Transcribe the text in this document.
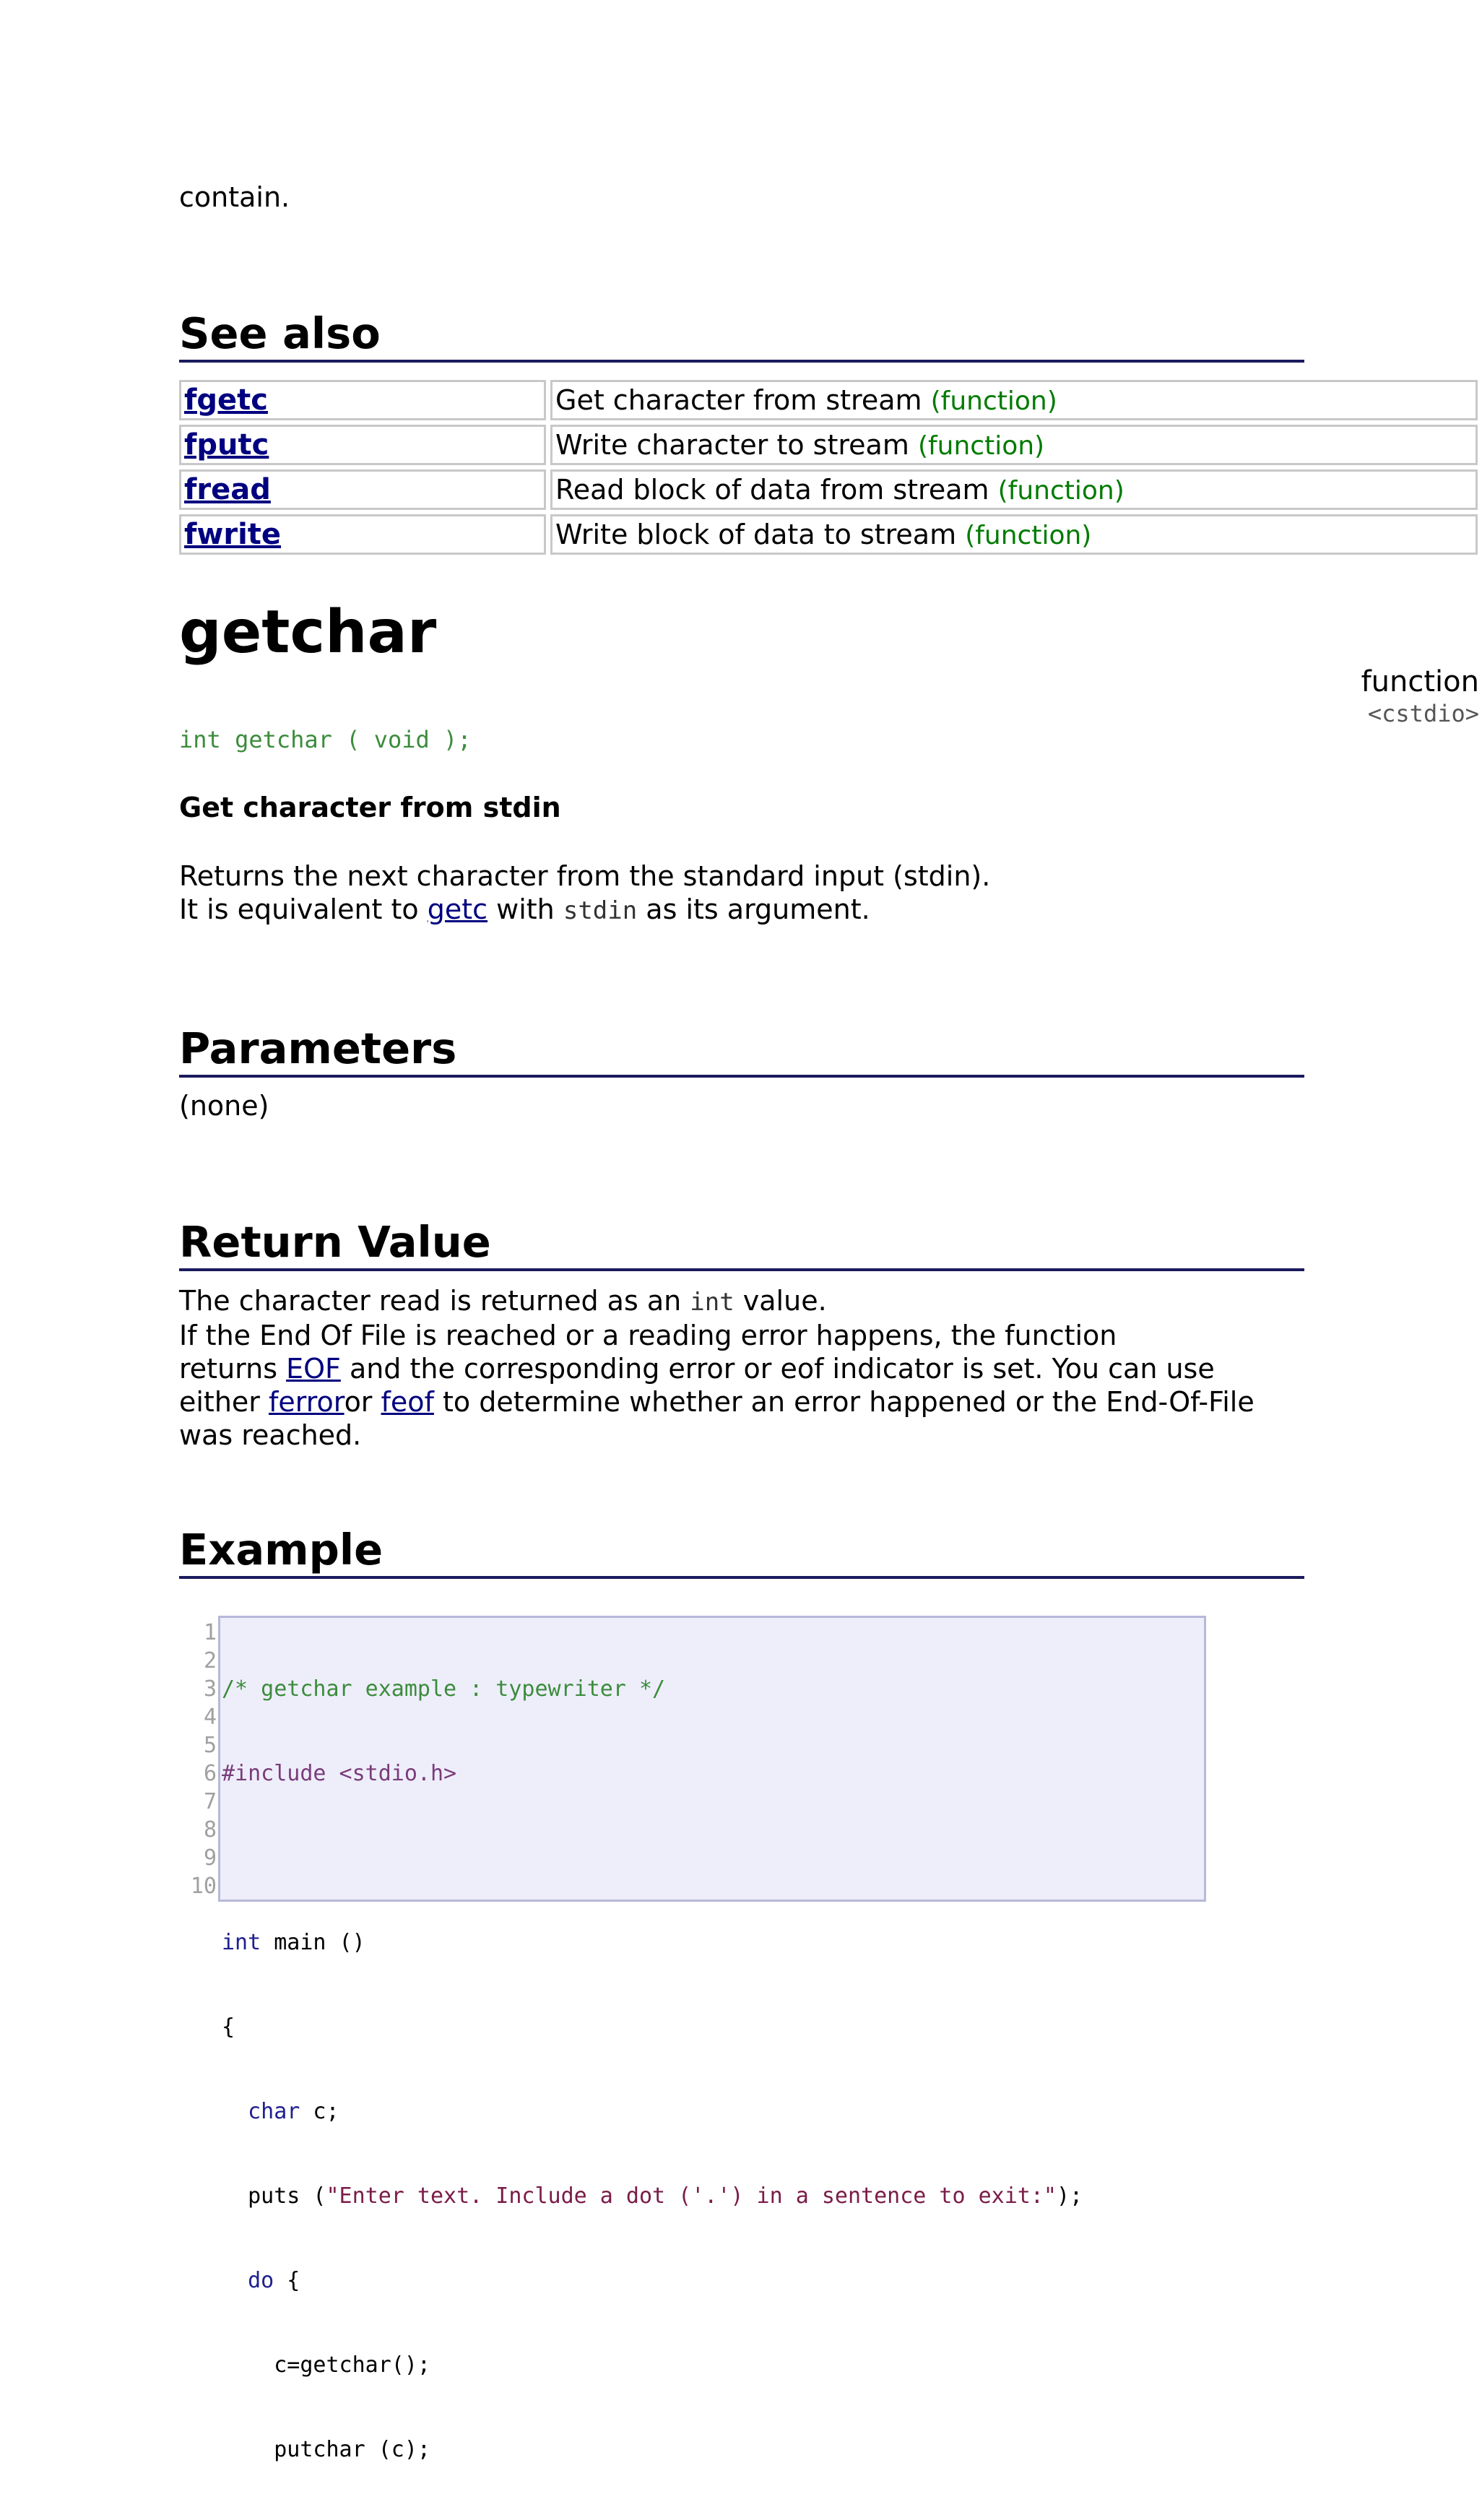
contain.
See also
fgetc	Get character from stream (function)
fputc	Write character to stream (function)
fread	Read block of data from stream (function)
fwrite	Write block of data to stream (function)
getchar
function
<cstdio>
int getchar ( void );
Get character from stdin
Returns the next character from the standard input (stdin).
It is equivalent to getc with stdin as its argument.
Parameters
(none)
Return Value
The character read is returned as an int value.
If the End Of File is reached or a reading error happens, the function
returns EOF and the corresponding error or eof indicator is set. You can use
either ferroror feof to determine whether an error happened or the End-Of-File
was reached.
Example
1
2
3
4
5
6
7
8
9
10

/* getchar example : typewriter */

#include <stdio.h>

int main ()

{

char c;

puts ("Enter text. Include a dot ('.') in a sentence to exit:");

do {

c=getchar();

putchar (c);
